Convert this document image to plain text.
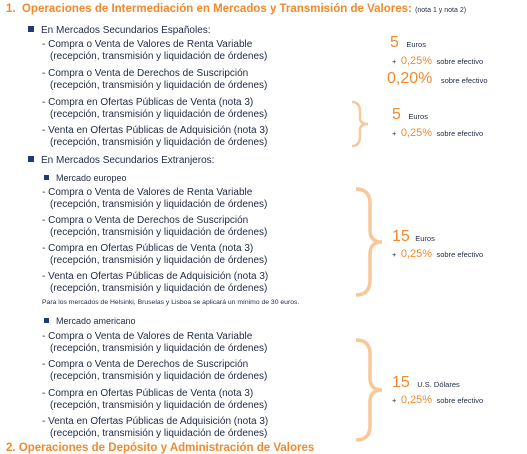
1. Operaciones de Intermediación en Mercados y Transmisión de Valores: (nota 1 y nota 2)
En Mercados Secundarios Españoles:
- Compra o Venta de Valores de Renta Variable
(recepción, transmisión y liquidación de órdenes)
- Compra o Venta de Derechos de Suscripción
(recepción, transmisión y liquidación de órdenes)
- Compra en Ofertas Públicas de Venta (nota 3)
(recepción, transmisión y liquidación de órdenes)
- Venta en Ofertas Públicas de Adquisición (nota 3)
(recepción, transmisión y liquidación de órdenes)
5 Euros
+ 0,25% sobre efectivo
0,20% sobre efectivo
5 Euros
+ 0,25% sobre efectivo
En Mercados Secundarios Extranjeros:
Mercado europeo
- Compra o Venta de Valores de Renta Variable
(recepción, transmisión y liquidación de órdenes)
- Compra o Venta de Derechos de Suscripción
(recepción, transmisión y liquidación de órdenes)
- Compra en Ofertas Públicas de Venta (nota 3)
(recepción, transmisión y liquidación de órdenes)
- Venta en Ofertas Públicas de Adquisición (nota 3)
(recepción, transmisión y liquidación de órdenes)
15 Euros
+ 0,25% sobre efectivo
Para los mercados de Helsinki, Bruselas y Lisboa se aplicará un mínimo de 30 euros.
Mercado americano
- Compra o Venta de Valores de Renta Variable
(recepción, transmisión y liquidación de órdenes)
- Compra o Venta de Derechos de Suscripción
(recepción, transmisión y liquidación de órdenes)
- Compra en Ofertas Públicas de Venta (nota 3)
(recepción, transmisión y liquidación de órdenes)
- Venta en Ofertas Públicas de Adquisición (nota 3)
(recepción, transmisión y liquidación de órdenes)
15 U.S. Dólares
+ 0,25% sobre efectivo
2. Operaciones de Depósito y Administración de Valores
